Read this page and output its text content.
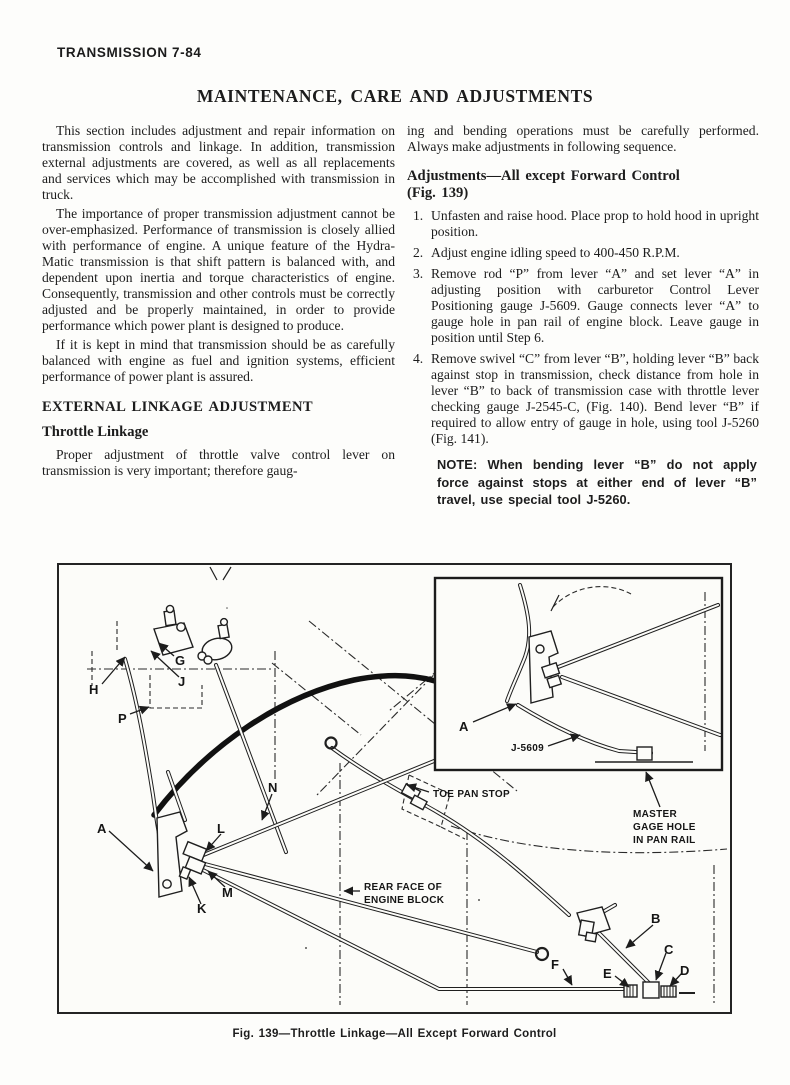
TRANSMISSION 7-84
MAINTENANCE, CARE AND ADJUSTMENTS

This section includes adjustment and repair information on transmission controls and linkage. In addition, transmission external adjustments are covered, as well as all replacements and services which may be accomplished with transmission in truck.

The importance of proper transmission adjustment cannot be over-emphasized. Performance of transmission is closely allied with performance of engine. A unique feature of the Hydra-Matic transmission is that shift pattern is balanced with, and dependent upon inertia and torque characteristics of engine. Consequently, transmission and other controls must be correctly adjusted and be properly maintained, in order to provide performance which power plant is designed to produce.

If it is kept in mind that transmission should be as carefully balanced with engine as fuel and ignition systems, efficient performance of power plant is assured.

EXTERNAL LINKAGE ADJUSTMENT
Throttle Linkage

Proper adjustment of throttle valve control lever on transmission is very important; therefore gaug-

ing and bending operations must be carefully performed. Always make adjustments in following sequence.

Adjustments—All except Forward Control
(Fig. 139)
1. Unfasten and raise hood. Place prop to hold hood in upright position.
2. Adjust engine idling speed to 400-450 R.P.M.
3. Remove rod “P” from lever “A” and set lever “A” in adjusting position with carburetor Control Lever Positioning gauge J-5609. Gauge connects lever “A” to gauge hole in pan rail of engine block. Leave gauge in position until Step 6.
4. Remove swivel “C” from lever “B”, holding lever “B” back against stop in transmission, check distance from hole in lever “B” to back of transmission case with throttle lever checking gauge J-2545-C, (Fig. 140). Bend lever “B” if required to allow entry of gauge in hole, using tool J-5260 (Fig. 141).

NOTE: When bending lever “B” do not apply force against stops at either end of lever “B” travel, use special tool J-5260.

G
H
J
P
A
N
L
M
K
B
C
D
E
F
A
J-5609
TOE PAN STOP
REAR FACE OF
ENGINE BLOCK
MASTER
GAGE HOLE
IN PAN RAIL
Fig. 139—Throttle Linkage—All Except Forward Control
